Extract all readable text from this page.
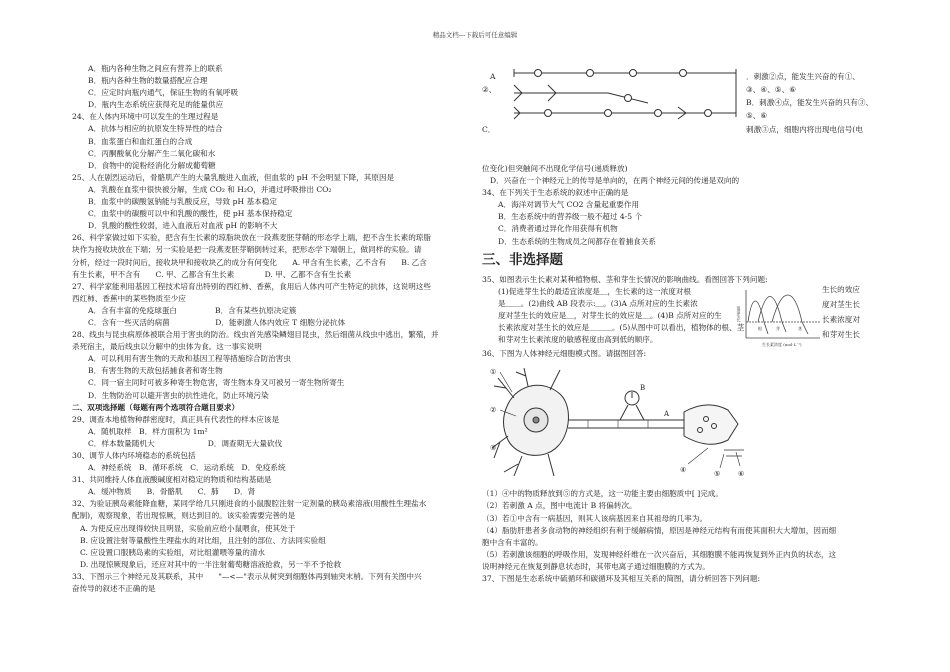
精品文档---下载后可任意编辑
A．瓶内各种生物之间应有营养上的联系
B．瓶内各种生物的数量搭配应合理
C．应定时向瓶内通气，保证生物的有氧呼吸
D．瓶内生态系统应获得充足的能量供应
24、在人体内环境中可以发生的生理过程是
A．抗体与相应的抗原发生特异性的结合
B．血浆蛋白和血红蛋白的合成
C．丙酮酸氧化分解产生二氧化碳和水
D．食物中的淀粉经消化分解成葡萄糖
25、人在剧烈运动后，骨骼肌产生的大量乳酸进入血液，但血浆的 pH 不会明显下降，其原因是
A．乳酸在血浆中很快被分解，生成 CO₂ 和 H₂O，并通过呼吸排出 CO₂
B．血浆中的碳酸氢钠能与乳酸反应，导致 pH 基本稳定
C．血浆中的碳酸可以中和乳酸的酸性，使 pH 基本保持稳定
D．乳酸的酸性较弱，进入血液后对血液 pH 的影响不大
26、科学家做过如下实验，把含有生长素的琼脂块放在一段燕麦胚芽鞘的形态学上端，把不含生长素的琼脂
块作为接收块放在下端；另一实验是把一段燕麦胚芽鞘倒转过来，把形态学下端朝上，做同样的实验。请
分析，经过一段时间后，接收块甲和接收块乙的成分有何变化　　A. 甲含有生长素，乙不含有　　B. 乙含
有生长素，甲不含有　　C. 甲、乙都含有生长素　　　　D. 甲、乙都不含有生长素
27、科学家能利用基因工程技术培育出特别的西红柿、香蕉，食用后人体内可产生特定的抗体，这说明这些
西红柿、香蕉中的某些物质至少应
A．含有丰富的免疫球蛋白　　　　　B．含有某些抗原决定簇
C．含有一些灭活的病菌　　　　　　D．能刺激人体内效应 T 细胞分泌抗体
28、线虫与昆虫病原体被联合用于害虫的防治。线虫首先感染鳞翅目昆虫，然后细菌从线虫中逃出，繁殖，并
杀死宿主，最后线虫以分解中的虫体为食。这一事实说明
A．可以利用有害生物的天敌和基因工程等措施综合防治害虫
B．有害生物的天敌包括捕食者和寄生物
C．同一宿主同时可被多种寄生物危害，寄生物本身又可被另一寄生物所寄生
D．生物防治可以避开害虫的抗性进化，防止环境污染
二、双项选择题（每题有两个选项符合题目要求）
29、调查本地植物种群密度时，真正具有代表性的样本应该是
A．随机取样　B．样方面积为 1m²
C．样本数量随机大　　　　　　　D．调查期无大量砍伐
30、调节人体内环境稳态的系统包括
A．神经系统　B．循环系统　C．运动系统　D．免疫系统
31、共同维持人体血液酸碱度相对稳定的物质和结构基础是
A．缓冲物质　　B．骨骼肌　　C．肺　　D．肾
32、为验证胰岛素能降血糖，某同学给几只刚进食的小鼠腹腔注射一定剂量的胰岛素溶液(用酸性生理盐水
配制)，观察现象，若出现惊厥，则达到目的。该实验需要完善的是
A. 为使反应出现得较快且明显，实验前应给小鼠喂食，使其处于
B. 应设置注射等量酸性生理盐水的对比组，且注射的部位、方法同实验组
C. 应设置口服胰岛素的实验组，对比组灌喂等量的清水
D. 出现惊厥现象后，还应对其中的一半注射葡萄糖溶液抢救，另一半不予抢救
33、下图示三个神经元及其联系，其中　　"—<—"表示从树突到细胞体再到轴突末梢。下列有关图中兴
奋传导的叙述不正确的是
A
②、
．刺激②点，能发生兴奋的有①、
③、④、⑤、⑥
B．刺激④点，能发生兴奋的只有③、
⑤、⑥
C．	刺激③点，细胞内将出现电信号(电
位变化)但突触间不出现化学信号(递质释放)
D．兴奋在一个神经元上的传导是单向的，在两个神经元间的传递是双向的
34、在下列关于生态系统的叙述中正确的是
A．海洋对调节大气 CO2 含量起重要作用
B．生态系统中的营养级一般不超过 4-5 个
C．消费者通过异化作用获得有机物
D．生态系统的生物成员之间都存在着捕食关系
三、非选择题
35、如图表示生长素对某种植物根、茎和芽生长情况的影响曲线。看图回答下列问题:
(1)促进芽生长的最适宜浓度是＿，生长素的这一浓度对根
是＿＿。(2)曲线 AB 段表示:＿。(3)A 点所对应的生长素浓
度对茎生长的效应是＿，对芽生长的效应是＿。(4)B 点所对应的生
长素浓度对茎生长的效应是＿＿＿。(5)从图中可以看出，植物体的根、茎
和芽对生长素浓度的敏感程度由高到低的顺序。
生长的效应
度对茎生长
长素浓度对
和芽对生长
促进生长
根	芽	茎
生长素浓度 (mol·L⁻¹)
36、下图为人体神经元细胞模式图。请据图回答:
①
②
③
④	⑤	⑥
B
A
（1）④中的物质释放到⑤的方式是，这一功能主要由细胞质中[ ]完成。
（2）若刺激 A 点，图中电流计 B 将偏转次。
（3）若①中含有一病基因，则其人该病基因来自其祖母的几率为。
（4）脂肪肝患者多食动物的神经组织有利于缓解病情，原因是神经元结构有而使其面积大大增加，因而细
胞中含有丰富的。
（5）若刺激该细胞的呼吸作用，发现神经纤维在一次兴奋后，其细胞膜不能再恢复到外正内负的状态，这
说明神经元在恢复到静息状态时，其带电离子通过细胞膜的方式为。
37、下图是生态系统中硫循环和碳循环及其相互关系的简图，请分析回答下列问题:
